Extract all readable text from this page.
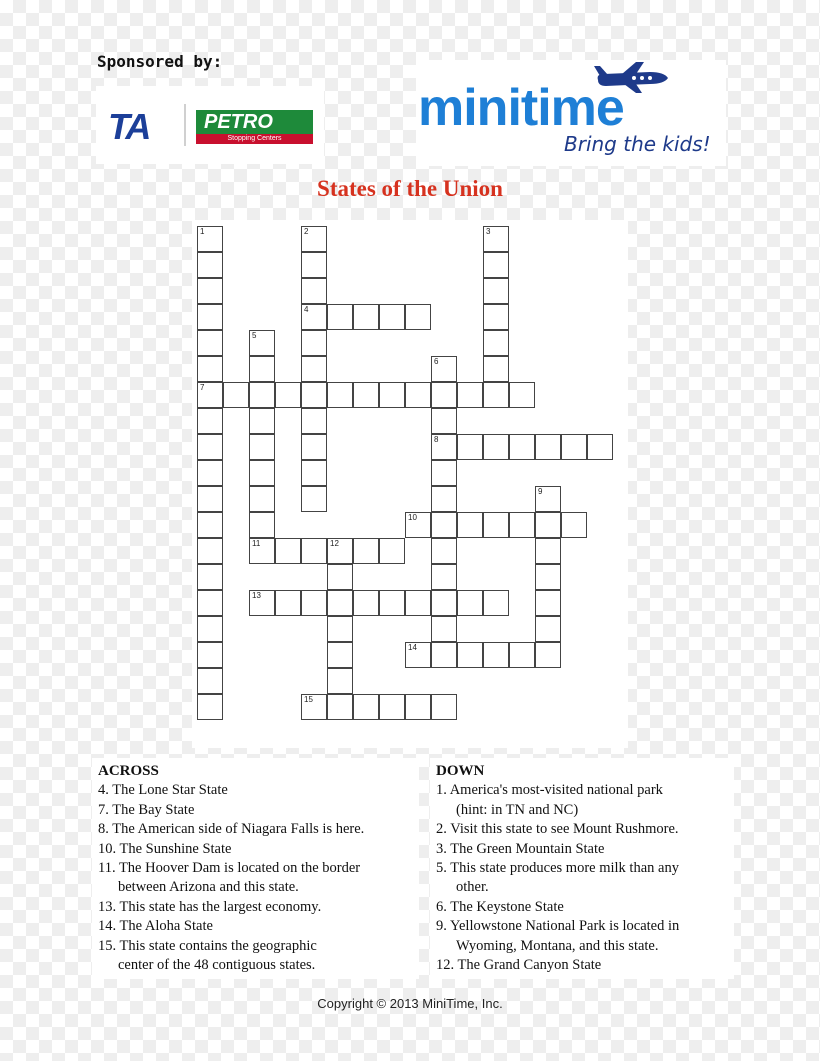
Sponsored by:
TA	PETRO
Stopping Centers
minitime
Bring the kids!
States of the Union
4
7
8
10
11	12
13
14
15
1	2	3
5
6
9
ACROSS
4. The Lone Star State
7. The Bay State
8. The American side of Niagara Falls is here.
10. The Sunshine State
11. The Hoover Dam is located on the border
between Arizona and this state.
13. This state has the largest economy.
14. The Aloha State
15. This state contains the geographic
center of the 48 contiguous states.
DOWN
1. America's most-visited national park
(hint: in TN and NC)
2. Visit this state to see Mount Rushmore.
3. The Green Mountain State
5. This state produces more milk than any
other.
6. The Keystone State
9. Yellowstone National Park is located in
Wyoming, Montana, and this state.
12. The Grand Canyon State
Copyright © 2013 MiniTime, Inc.
